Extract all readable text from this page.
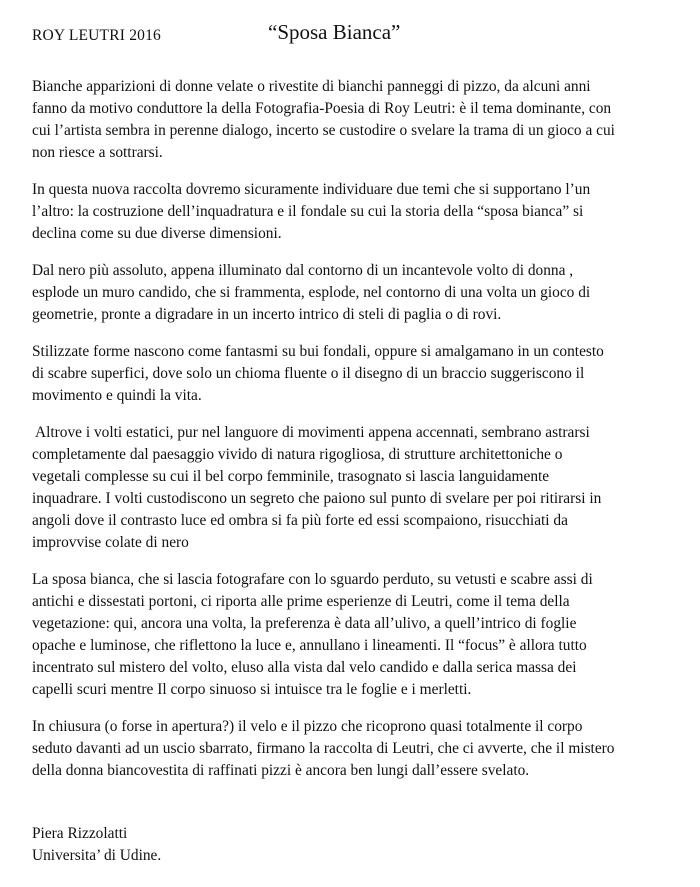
ROY LEUTRI 2016	“Sposa Bianca”

Bianche apparizioni di donne velate o rivestite di bianchi panneggi di pizzo, da alcuni anni
fanno da motivo conduttore la della Fotografia-Poesia di Roy Leutri: è il tema dominante, con
cui l’artista sembra in perenne dialogo, incerto se custodire o svelare la trama di un gioco a cui
non riesce a sottrarsi.

In questa nuova raccolta dovremo sicuramente individuare due temi che si supportano l’un
l’altro: la costruzione dell’inquadratura e il fondale su cui la storia della “sposa bianca” si
declina come su due diverse dimensioni.

Dal nero più assoluto, appena illuminato dal contorno di un incantevole volto di donna ,
esplode un muro candido, che si frammenta, esplode, nel contorno di una volta un gioco di
geometrie, pronte a digradare in un incerto intrico di steli di paglia o di rovi.

Stilizzate forme nascono come fantasmi su bui fondali, oppure si amalgamano in un contesto
di scabre superfici, dove solo un chioma fluente o il disegno di un braccio suggeriscono il
movimento e quindi la vita.

Altrove i volti estatici, pur nel languore di movimenti appena accennati, sembrano astrarsi
completamente dal paesaggio vivido di natura rigogliosa, di strutture architettoniche o
vegetali complesse su cui il bel corpo femminile, trasognato si lascia languidamente
inquadrare. I volti custodiscono un segreto che paiono sul punto di svelare per poi ritirarsi in
angoli dove il contrasto luce ed ombra si fa più forte ed essi scompaiono, risucchiati da
improvvise colate di nero

La sposa bianca, che si lascia fotografare con lo sguardo perduto, su vetusti e scabre assi di
antichi e dissestati portoni, ci riporta alle prime esperienze di Leutri, come il tema della
vegetazione: qui, ancora una volta, la preferenza è data all’ulivo, a quell’intrico di foglie
opache e luminose, che riflettono la luce e, annullano i lineamenti. Il “focus” è allora tutto
incentrato sul mistero del volto, eluso alla vista dal velo candido e dalla serica massa dei
capelli scuri mentre Il corpo sinuoso si intuisce tra le foglie e i merletti.

In chiusura (o forse in apertura?) il velo e il pizzo che ricoprono quasi totalmente il corpo
seduto davanti ad un uscio sbarrato, firmano la raccolta di Leutri, che ci avverte, che il mistero
della donna biancovestita di raffinati pizzi è ancora ben lungi dall’essere svelato.

Piera Rizzolatti
Universita’ di Udine.
